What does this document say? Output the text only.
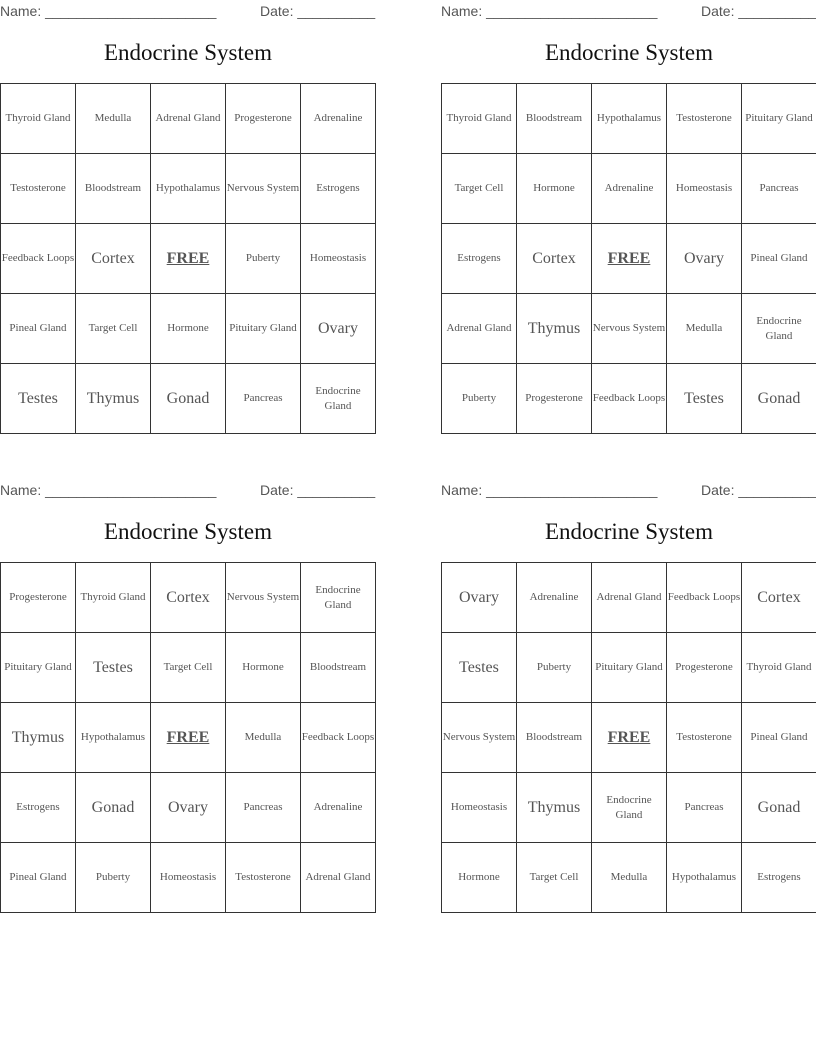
Name: ______________________	Date: __________
Endocrine System
Thyroid Gland	Medulla	Adrenal Gland	Progesterone	Adrenaline
Testosterone	Bloodstream	Hypothalamus	Nervous System	Estrogens
Feedback Loops	Cortex	FREE	Puberty	Homeostasis
Pineal Gland	Target Cell	Hormone	Pituitary Gland	Ovary
Testes	Thymus	Gonad	Pancreas	Endocrine Gland
Name: ______________________	Date: __________
Endocrine System
Thyroid Gland	Bloodstream	Hypothalamus	Testosterone	Pituitary Gland
Target Cell	Hormone	Adrenaline	Homeostasis	Pancreas
Estrogens	Cortex	FREE	Ovary	Pineal Gland
Adrenal Gland	Thymus	Nervous System	Medulla	Endocrine Gland
Puberty	Progesterone	Feedback Loops	Testes	Gonad
Name: ______________________	Date: __________
Endocrine System
Progesterone	Thyroid Gland	Cortex	Nervous System	Endocrine Gland
Pituitary Gland	Testes	Target Cell	Hormone	Bloodstream
Thymus	Hypothalamus	FREE	Medulla	Feedback Loops
Estrogens	Gonad	Ovary	Pancreas	Adrenaline
Pineal Gland	Puberty	Homeostasis	Testosterone	Adrenal Gland
Name: ______________________	Date: __________
Endocrine System
Ovary	Adrenaline	Adrenal Gland	Feedback Loops	Cortex
Testes	Puberty	Pituitary Gland	Progesterone	Thyroid Gland
Nervous System	Bloodstream	FREE	Testosterone	Pineal Gland
Homeostasis	Thymus	Endocrine Gland	Pancreas	Gonad
Hormone	Target Cell	Medulla	Hypothalamus	Estrogens
